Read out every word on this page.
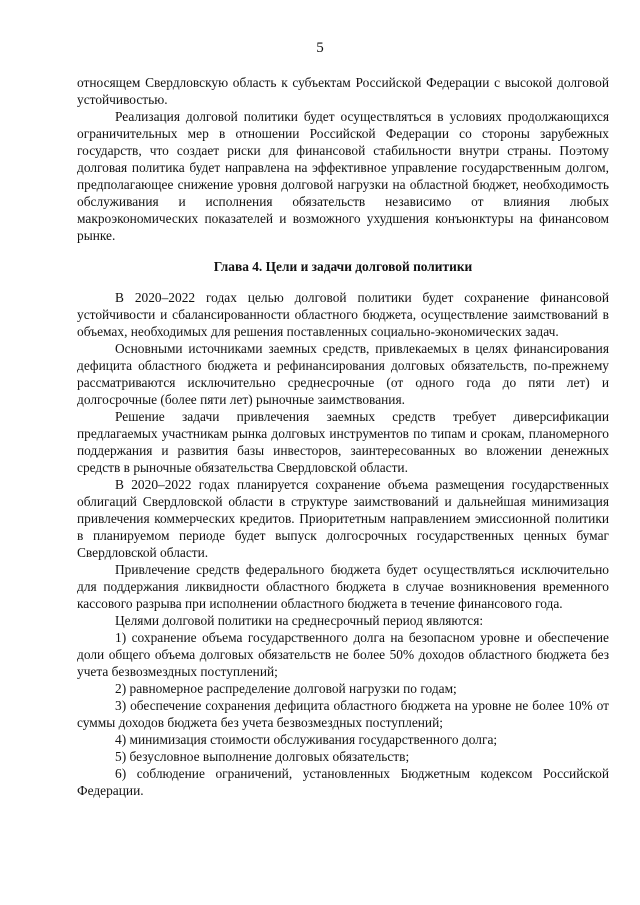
5

относящем Свердловскую область к субъектам Российской Федерации с высокой долговой устойчивостью.

Реализация долговой политики будет осуществляться в условиях продолжающихся ограничительных мер в отношении Российской Федерации со стороны зарубежных государств, что создает риски для финансовой стабильности внутри страны. Поэтому долговая политика будет направлена на эффективное управление государственным долгом, предполагающее снижение уровня долговой нагрузки на областной бюджет, необходимость обслуживания и исполнения обязательств независимо от влияния любых макроэкономических показателей и возможного ухудшения конъюнктуры на финансовом рынке.

Глава 4. Цели и задачи долговой политики

В 2020–2022 годах целью долговой политики будет сохранение финансовой устойчивости и сбалансированности областного бюджета, осуществление заимствований в объемах, необходимых для решения поставленных социально-экономических задач.

Основными источниками заемных средств, привлекаемых в целях финансирования дефицита областного бюджета и рефинансирования долговых обязательств, по-прежнему рассматриваются исключительно среднесрочные (от одного года до пяти лет) и долгосрочные (более пяти лет) рыночные заимствования.

Решение задачи привлечения заемных средств требует диверсификации предлагаемых участникам рынка долговых инструментов по типам и срокам, планомерного поддержания и развития базы инвесторов, заинтересованных во вложении денежных средств в рыночные обязательства Свердловской области.

В 2020–2022 годах планируется сохранение объема размещения государственных облигаций Свердловской области в структуре заимствований и дальнейшая минимизация привлечения коммерческих кредитов. Приоритетным направлением эмиссионной политики в планируемом периоде будет выпуск долгосрочных государственных ценных бумаг Свердловской области.

Привлечение средств федерального бюджета будет осуществляться исключительно для поддержания ликвидности областного бюджета в случае возникновения временного кассового разрыва при исполнении областного бюджета в течение финансового года.

Целями долговой политики на среднесрочный период являются:

1) сохранение объема государственного долга на безопасном уровне и обеспечение доли общего объема долговых обязательств не более 50% доходов областного бюджета без учета безвозмездных поступлений;

2) равномерное распределение долговой нагрузки по годам;

3) обеспечение сохранения дефицита областного бюджета на уровне не более 10% от суммы доходов бюджета без учета безвозмездных поступлений;

4) минимизация стоимости обслуживания государственного долга;

5) безусловное выполнение долговых обязательств;

6) соблюдение ограничений, установленных Бюджетным кодексом Российской Федерации.
